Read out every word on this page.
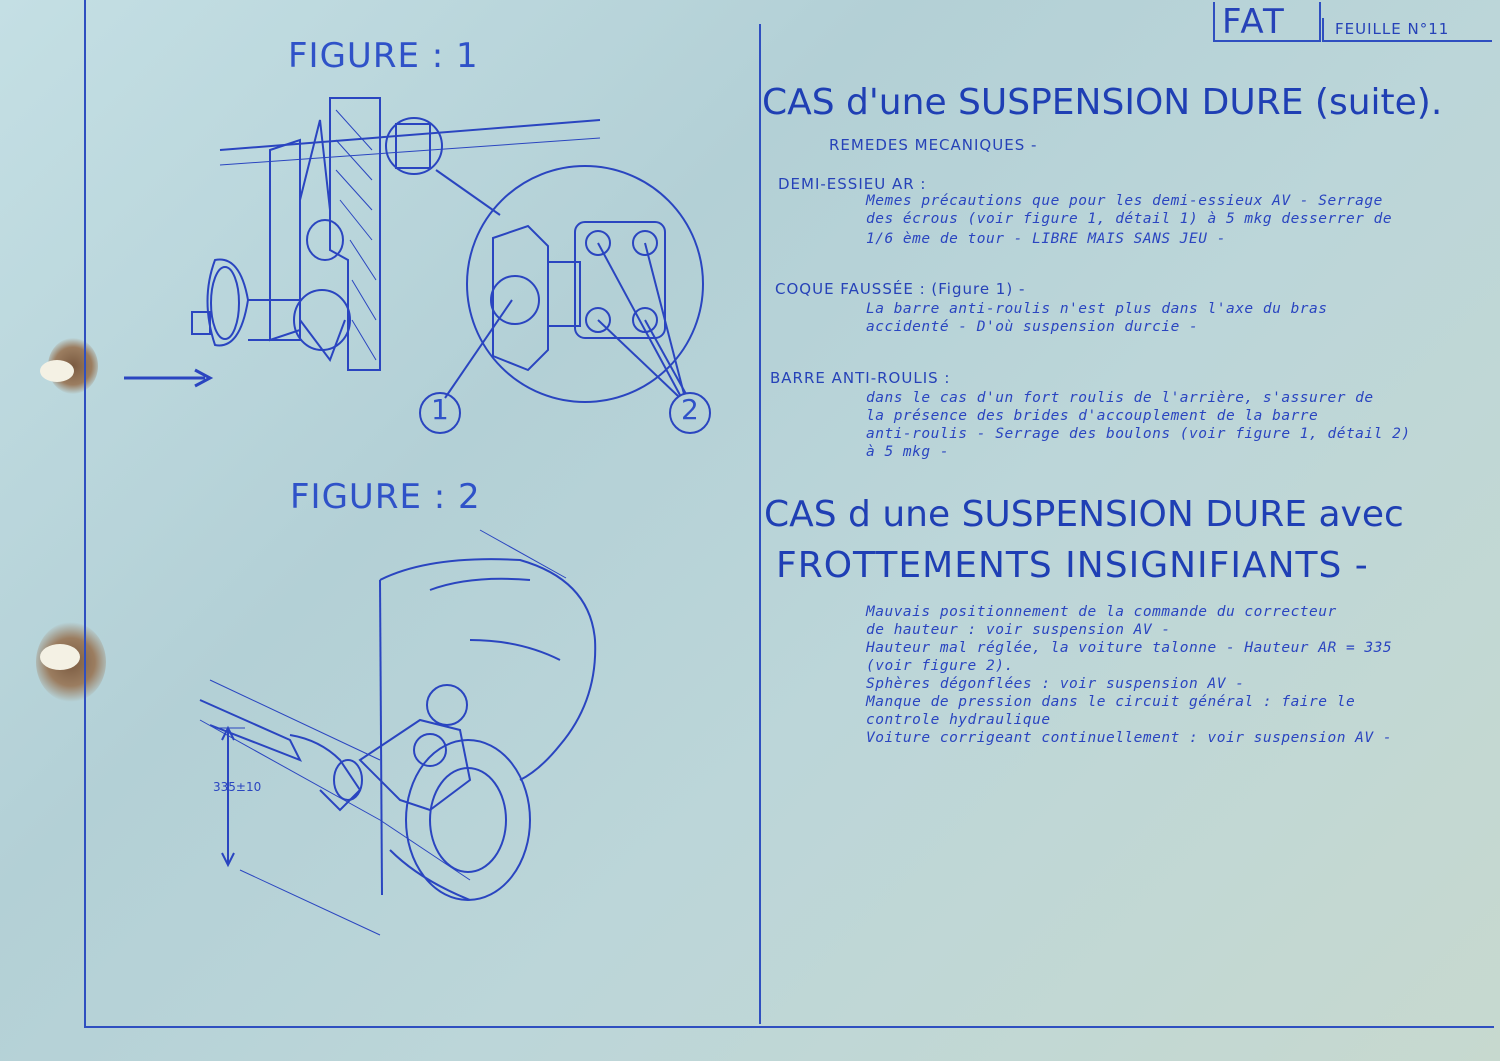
FAT	FEUILLE N°11
FIGURE : 1
1	2
FIGURE : 2
335±10
CAS d'une SUSPENSION DURE (suite).
REMEDES MECANIQUES -
DEMI-ESSIEU AR :
Memes précautions que pour les demi-essieux AV - Serrage
des écrous (voir figure 1, détail 1) à 5 mkg desserrer de
1/6 ème de tour - LIBRE MAIS SANS JEU -
COQUE FAUSSÉE : (Figure 1) -
La barre anti-roulis n'est plus dans l'axe du bras
accidenté - D'où suspension durcie -
BARRE ANTI-ROULIS :
dans le cas d'un fort roulis de l'arrière, s'assurer de
la présence des brides d'accouplement de la barre
anti-roulis - Serrage des boulons (voir figure 1, détail 2)
à 5 mkg -
CAS d une SUSPENSION DURE avec
FROTTEMENTS INSIGNIFIANTS -
Mauvais positionnement de la commande du correcteur
de hauteur : voir suspension AV -
Hauteur mal réglée, la voiture talonne - Hauteur AR = 335
(voir figure 2).
Sphères dégonflées : voir suspension AV -
Manque de pression dans le circuit général : faire le
controle hydraulique
Voiture corrigeant continuellement : voir suspension AV -
